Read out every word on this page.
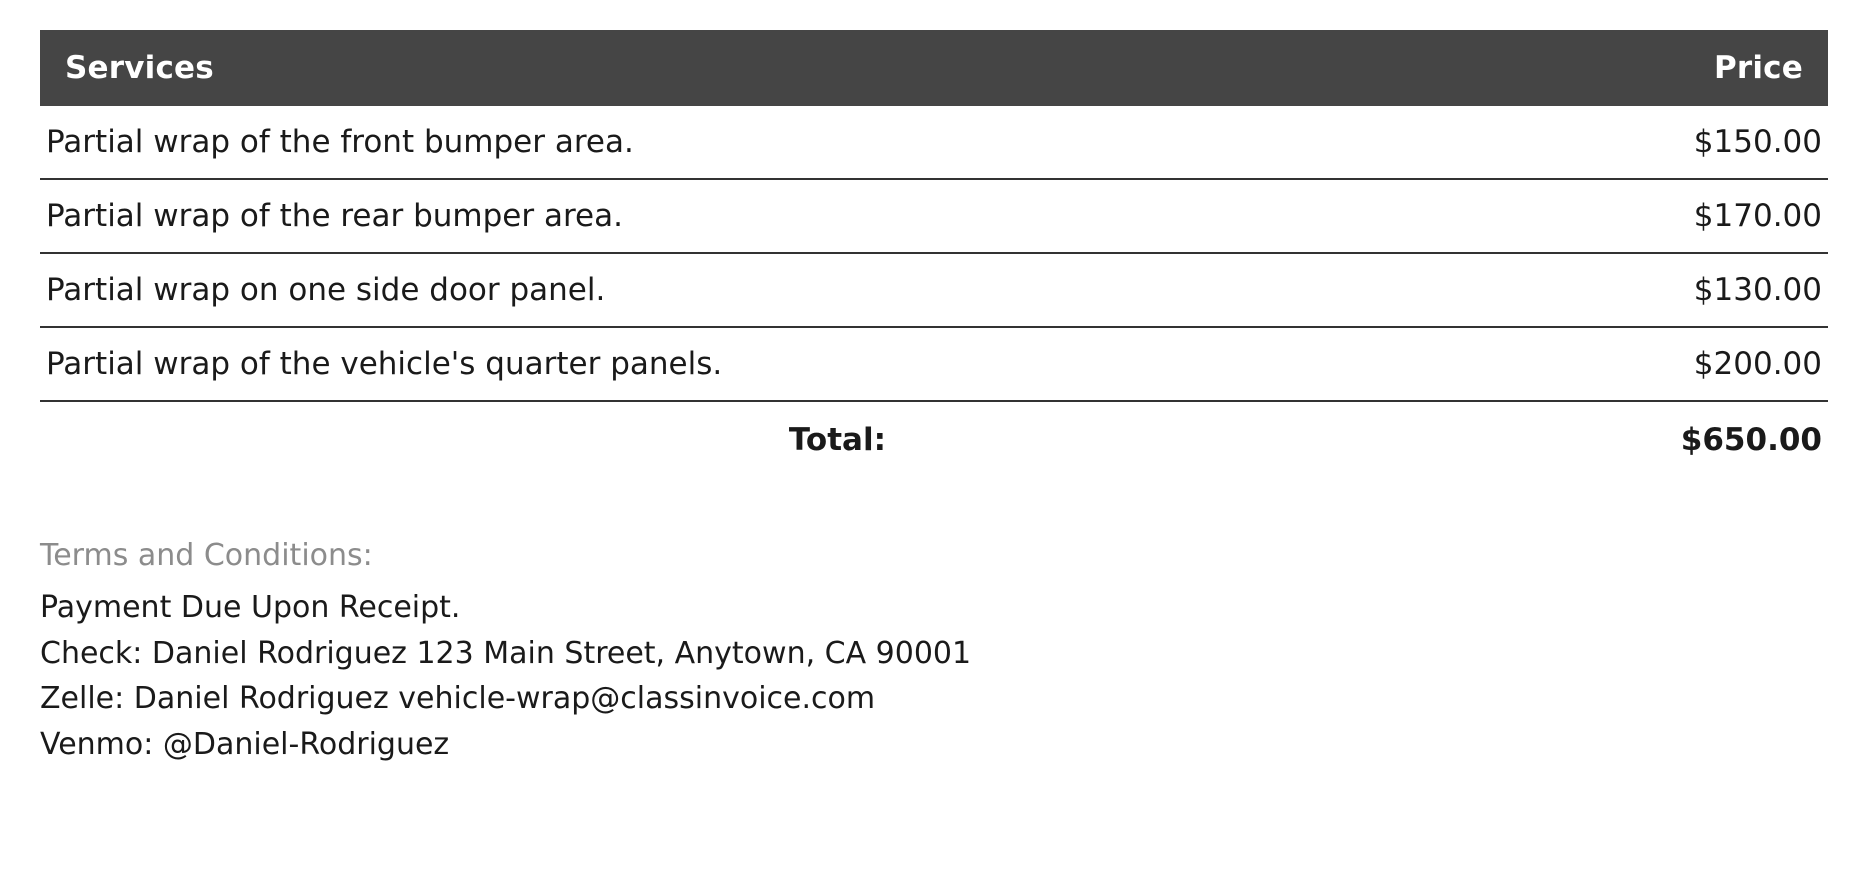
Services	Price
Partial wrap of the front bumper area.	$150.00
Partial wrap of the rear bumper area.	$170.00
Partial wrap on one side door panel.	$130.00
Partial wrap of the vehicle's quarter panels.	$200.00
Total:	$650.00
Terms and Conditions:
Payment Due Upon Receipt.
Check: Daniel Rodriguez 123 Main Street, Anytown, CA 90001
Zelle: Daniel Rodriguez vehicle-wrap@classinvoice.com
Venmo: @Daniel-Rodriguez
